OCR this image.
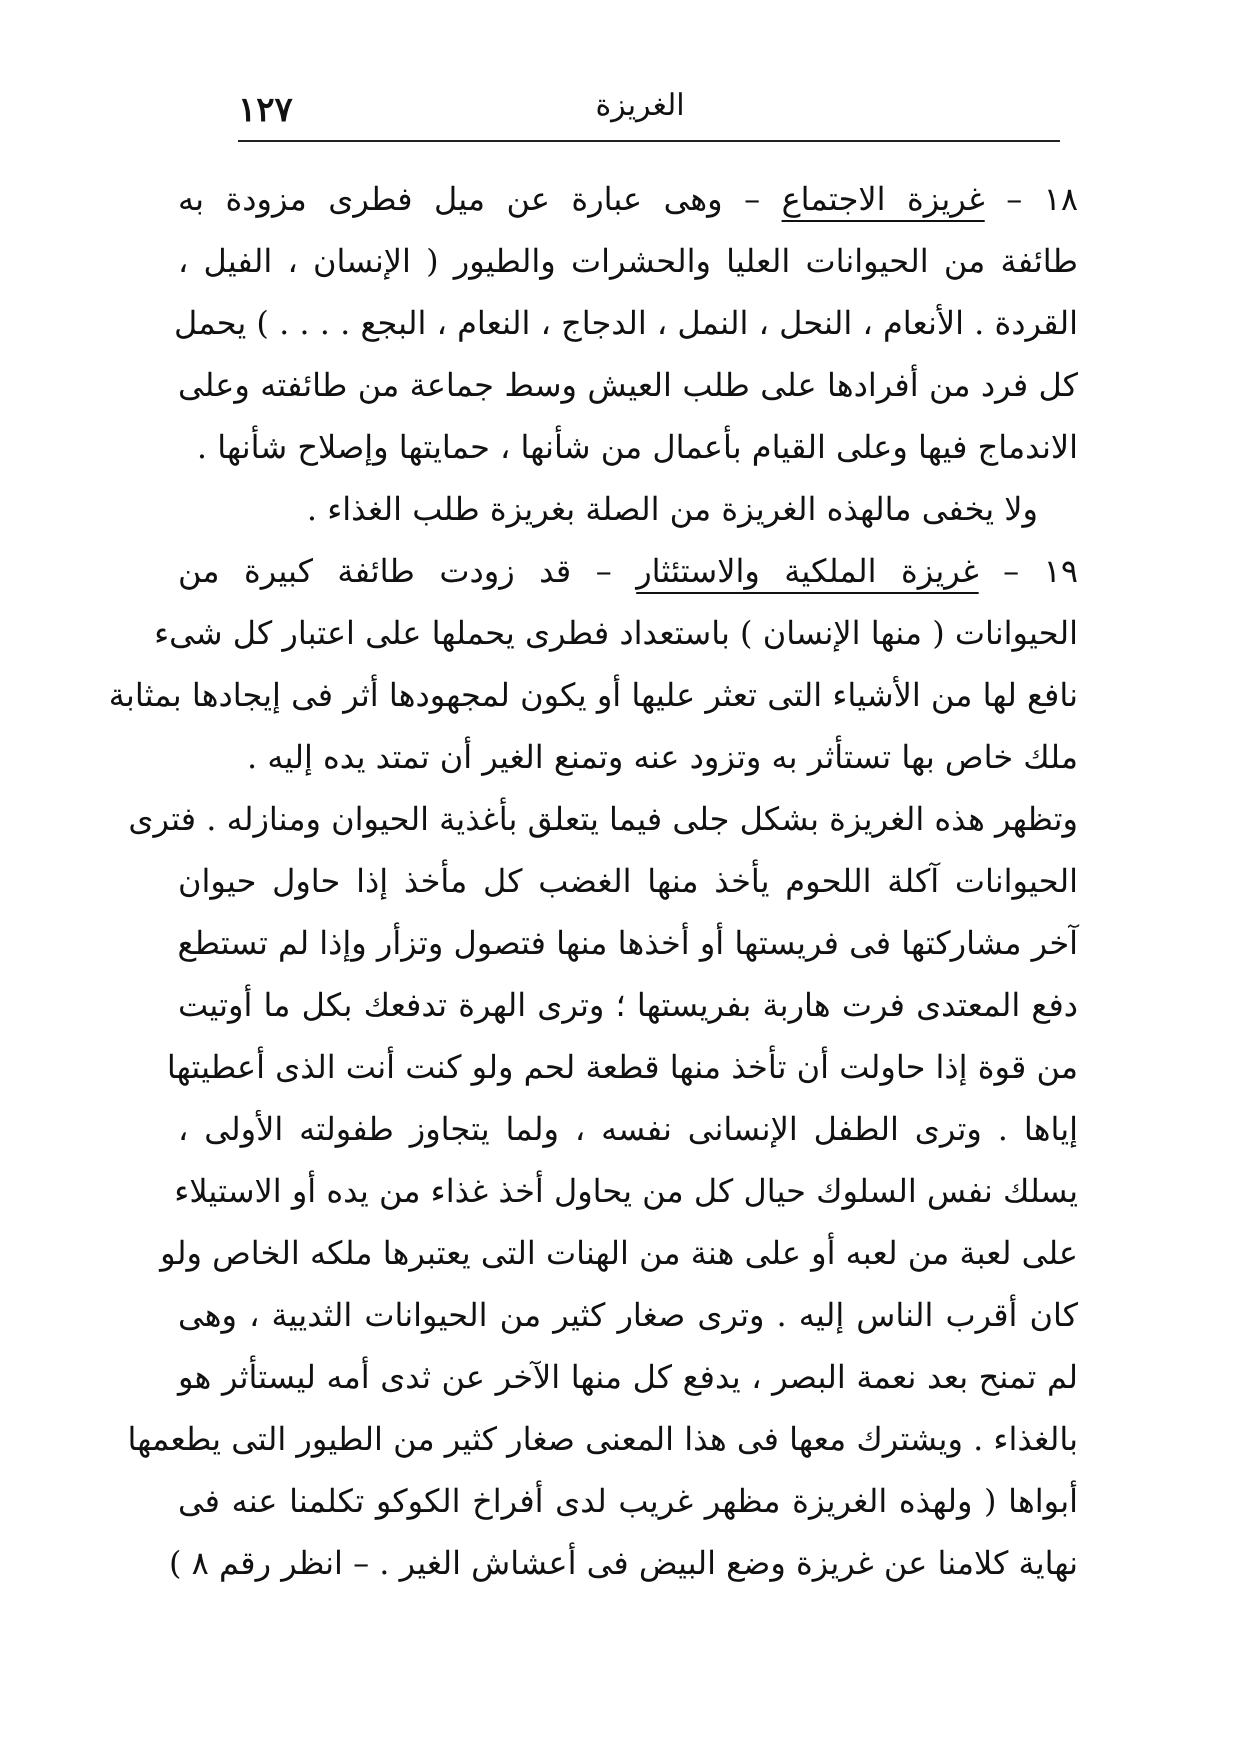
١٢٧	الغريزة
١٨ – غريزة الاجتماع – وهى عبارة عن ميل فطرى مزودة به
طائفة من الحيوانات العليا والحشرات والطيور ( الإنسان ، الفيل ،
القردة . الأنعام ، النحل ، النمل ، الدجاج ، النعام ، البجع . . . . ) يحمل
كل فرد من أفرادها على طلب العيش وسط جماعة من طائفته وعلى
الاندماج فيها وعلى القيام بأعمال من شأنها ، حمايتها وإصلاح شأنها .
ولا يخفى مالهذه الغريزة من الصلة بغريزة طلب الغذاء .
١٩ – غريزة الملكية والاستئثار – قد زودت طائفة كبيرة من
الحيوانات ( منها الإنسان ) باستعداد فطرى يحملها على اعتبار كل شىء
نافع لها من الأشياء التى تعثر عليها أو يكون لمجهودها أثر فى إيجادها بمثابة
ملك خاص بها تستأثر به وتزود عنه وتمنع الغير أن تمتد يده إليه .
وتظهر هذه الغريزة بشكل جلى فيما يتعلق بأغذية الحيوان ومنازله . فترى
الحيوانات آكلة اللحوم يأخذ منها الغضب كل مأخذ إذا حاول حيوان
آخر مشاركتها فى فريستها أو أخذها منها فتصول وتزأر وإذا لم تستطع
دفع المعتدى فرت هاربة بفريستها ؛ وترى الهرة تدفعك بكل ما أوتيت
من قوة إذا حاولت أن تأخذ منها قطعة لحم ولو كنت أنت الذى أعطيتها
إياها . وترى الطفل الإنسانى نفسه ، ولما يتجاوز طفولته الأولى ،
يسلك نفس السلوك حيال كل من يحاول أخذ غذاء من يده أو الاستيلاء
على لعبة من لعبه أو على هنة من الهنات التى يعتبرها ملكه الخاص ولو
كان أقرب الناس إليه . وترى صغار كثير من الحيوانات الثديية ، وهى
لم تمنح بعد نعمة البصر ، يدفع كل منها الآخر عن ثدى أمه ليستأثر هو
بالغذاء . ويشترك معها فى هذا المعنى صغار كثير من الطيور التى يطعمها
أبواها ( ولهذه الغريزة مظهر غريب لدى أفراخ الكوكو تكلمنا عنه فى
نهاية كلامنا عن غريزة وضع البيض فى أعشاش الغير . – انظر رقم ٨ )
